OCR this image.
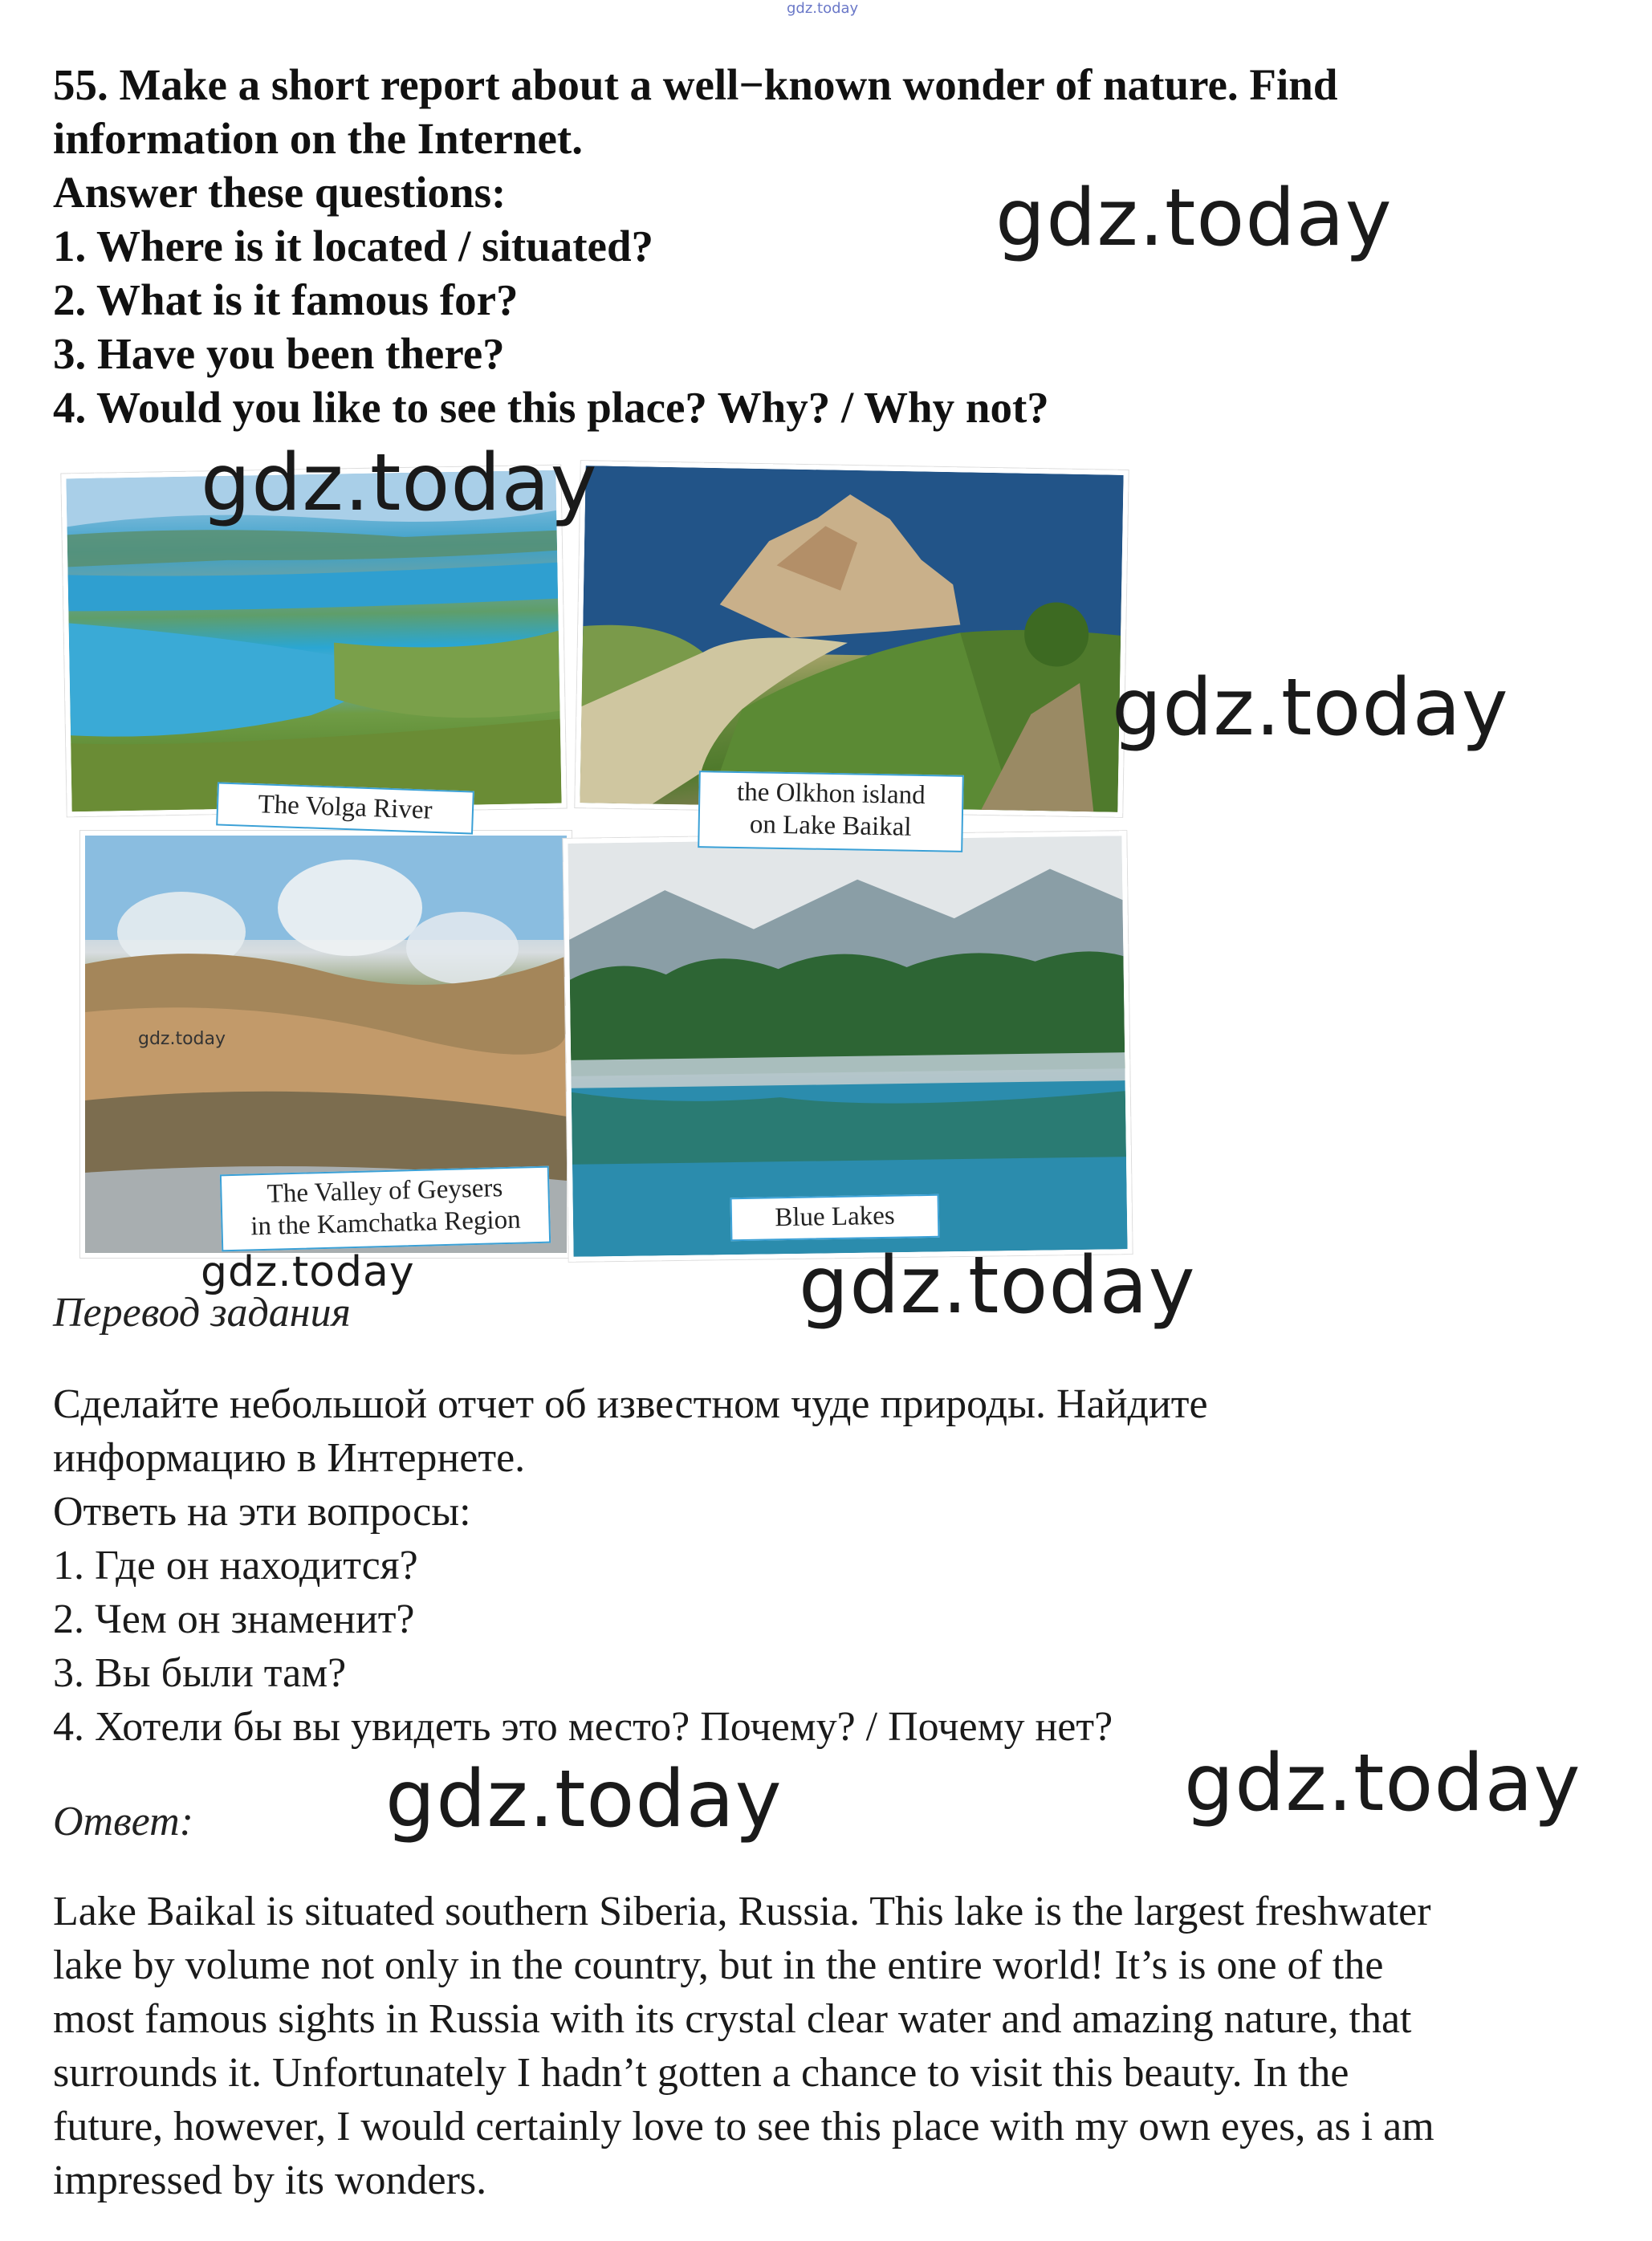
gdz.today
55. Make a short report about a well−known wonder of nature. Find
information on the Internet.
Answer these questions:
1. Where is it located / situated?
2. What is it famous for?
3. Have you been there?
4. Would you like to see this place? Why? / Why not?
The Volga River	the Olkhon island
on Lake Baikal
The Valley of Geysers
in the Kamchatka Region	Blue Lakes
gdz.today
gdz.today
gdz.today
gdz.today
gdz.today	gdz.today
gdz.today	gdz.today
Перевод задания
Сделайте небольшой отчет об известном чуде природы. Найдите
информацию в Интернете.
Ответь на эти вопросы:
1. Где он находится?
2. Чем он знаменит?
3. Вы были там?
4. Хотели бы вы увидеть это место? Почему? / Почему нет?
Ответ:
Lake Baikal is situated southern Siberia, Russia. This lake is the largest freshwater
lake by volume not only in the country, but in the entire world! It’s is one of the
most famous sights in Russia with its crystal clear water and amazing nature, that
surrounds it. Unfortunately I hadn’t gotten a chance to visit this beauty. In the
future, however, I would certainly love to see this place with my own eyes, as i am
impressed by its wonders.
